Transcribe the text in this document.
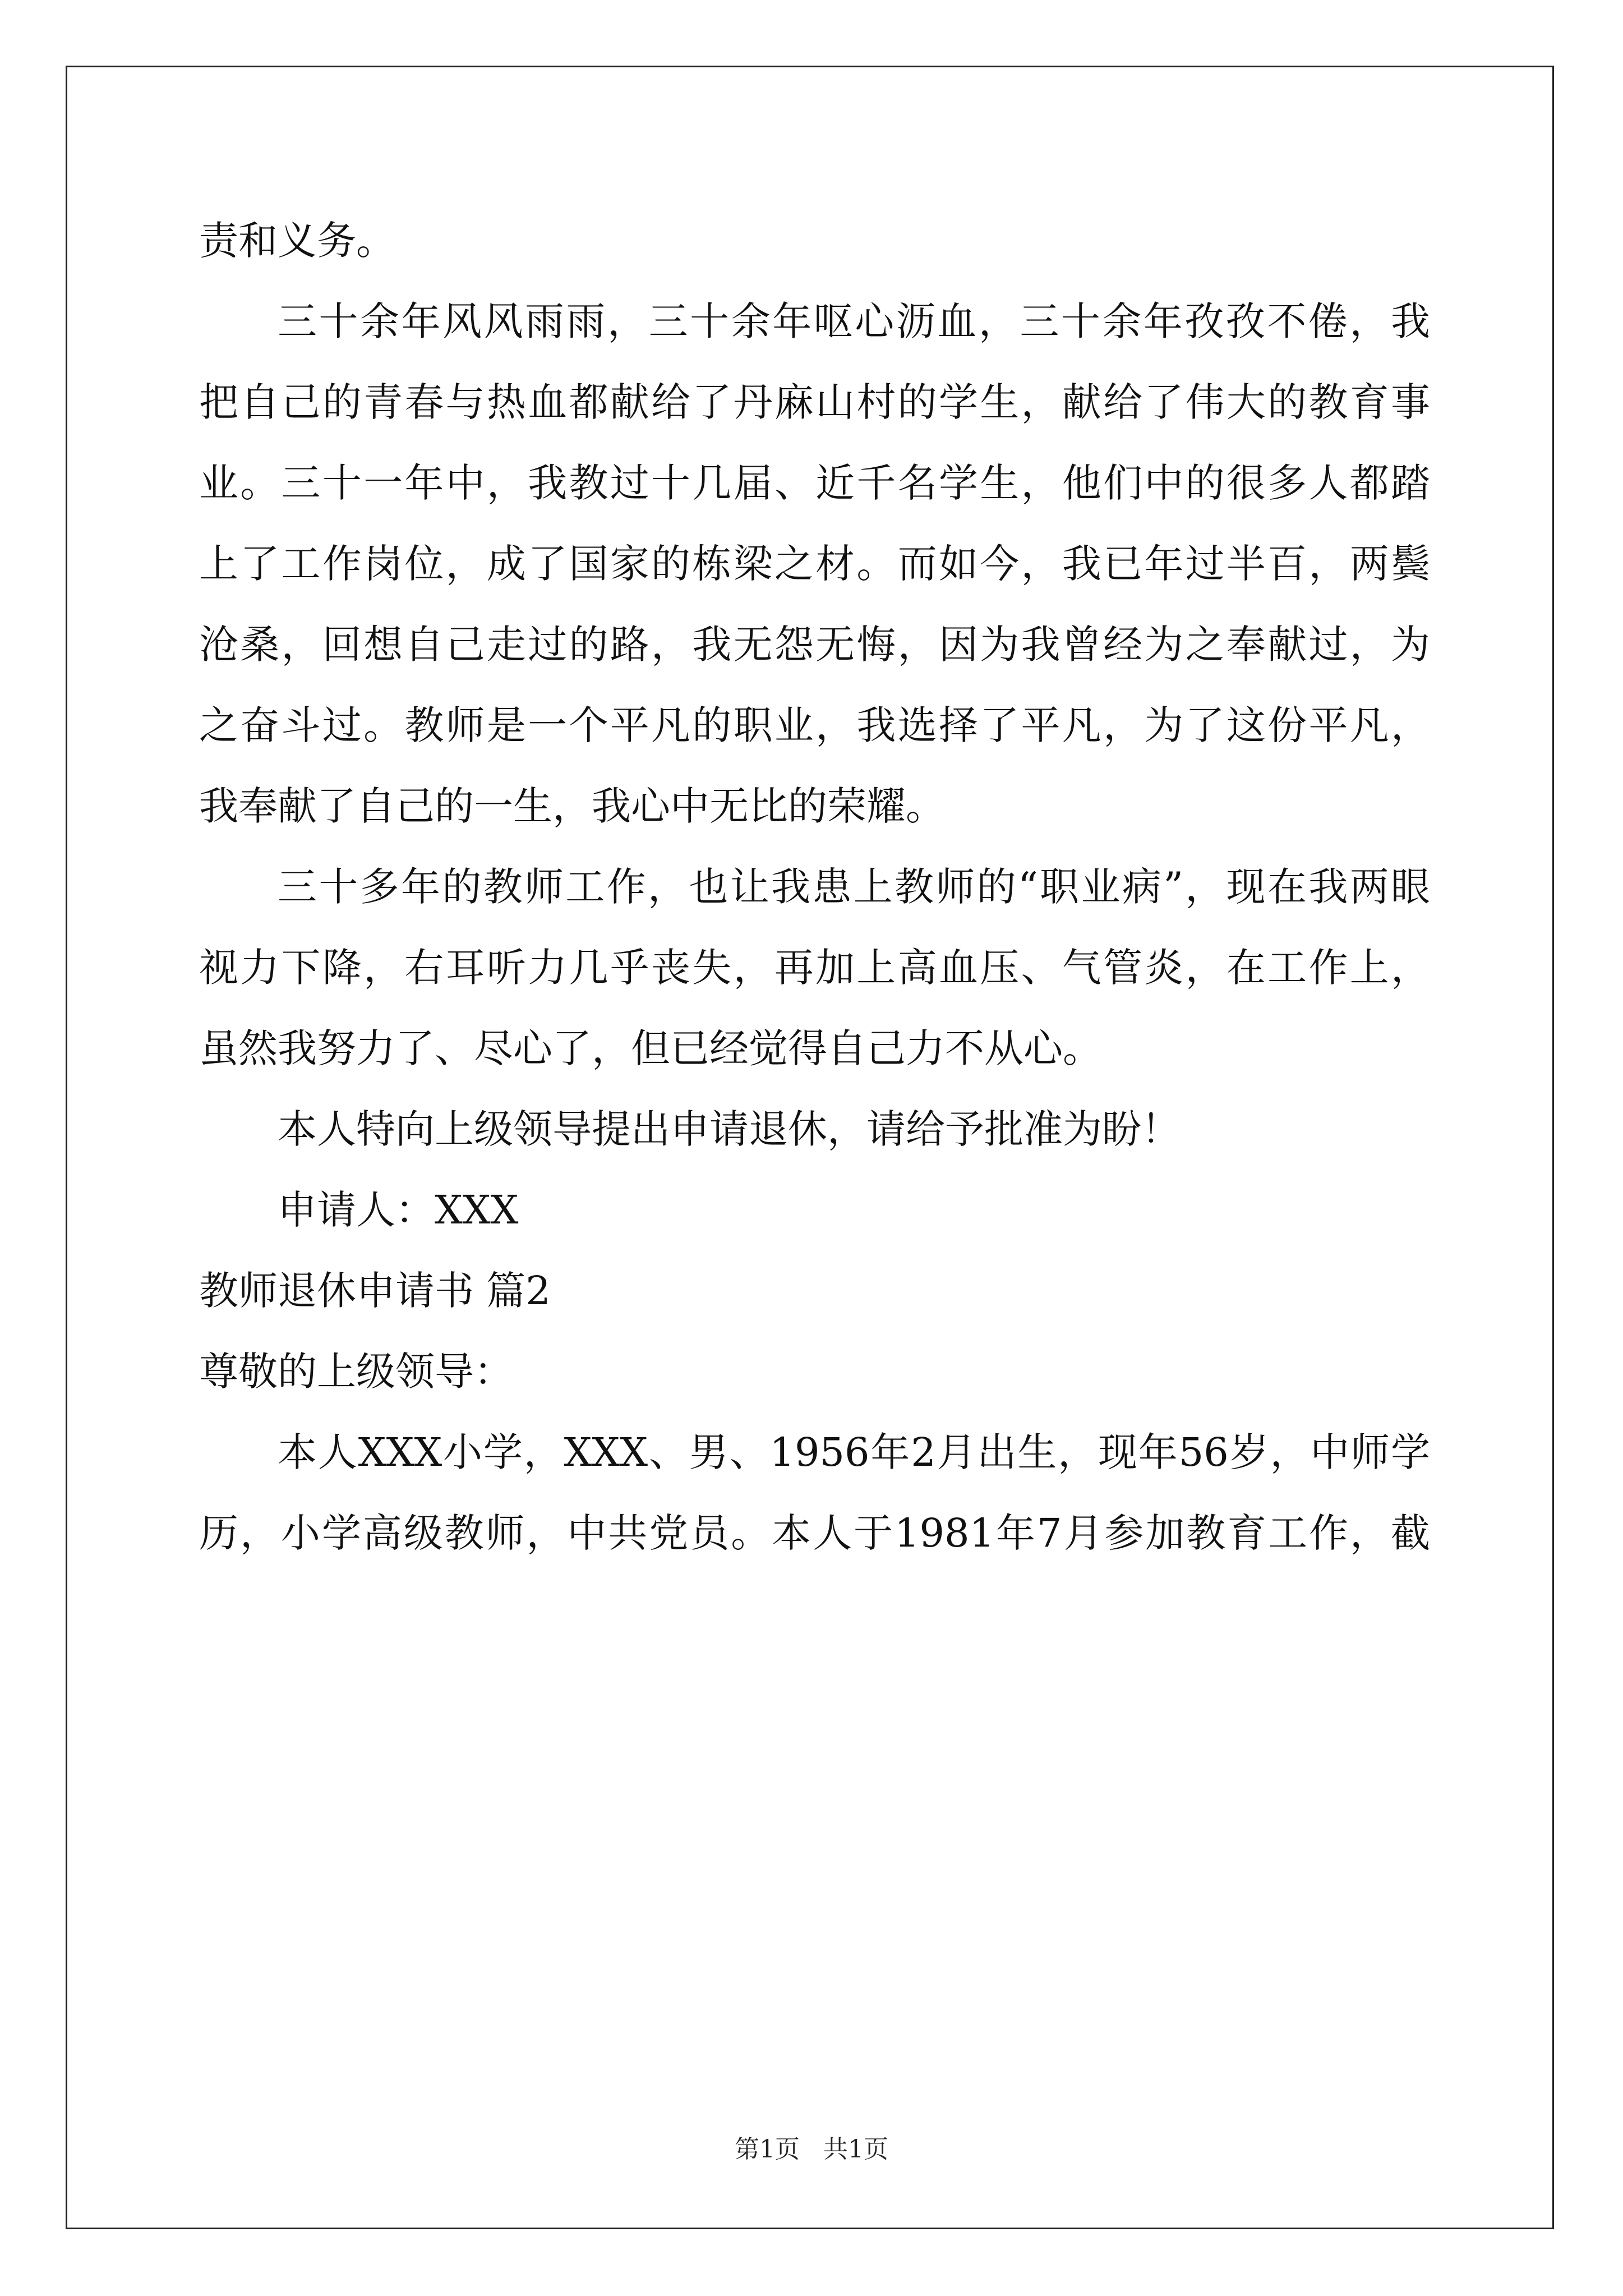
责和义务。
三十余年风风雨雨，三十余年呕心沥血，三十余年孜孜不倦，我
把自己的青春与热血都献给了丹麻山村的学生，献给了伟大的教育事
业。三十一年中，我教过十几届、近千名学生，他们中的很多人都踏
上了工作岗位，成了国家的栋梁之材。而如今，我已年过半百，两鬓
沧桑，回想自己走过的路，我无怨无悔，因为我曾经为之奉献过，为
之奋斗过。教师是一个平凡的职业，我选择了平凡，为了这份平凡，
我奉献了自己的一生，我心中无比的荣耀。
三十多年的教师工作，也让我患上教师的“职业病”，现在我两眼
视力下降，右耳听力几乎丧失，再加上高血压、气管炎，在工作上，
虽然我努力了、尽心了，但已经觉得自己力不从心。
本人特向上级领导提出申请退休，请给予批准为盼！
申请人：XXX
教师退休申请书 篇2
尊敬的上级领导：
本人XXX小学，XXX、男、1956年2月出生，现年56岁，中师学
历，小学高级教师，中共党员。本人于1981年7月参加教育工作，截
第1页 共1页
